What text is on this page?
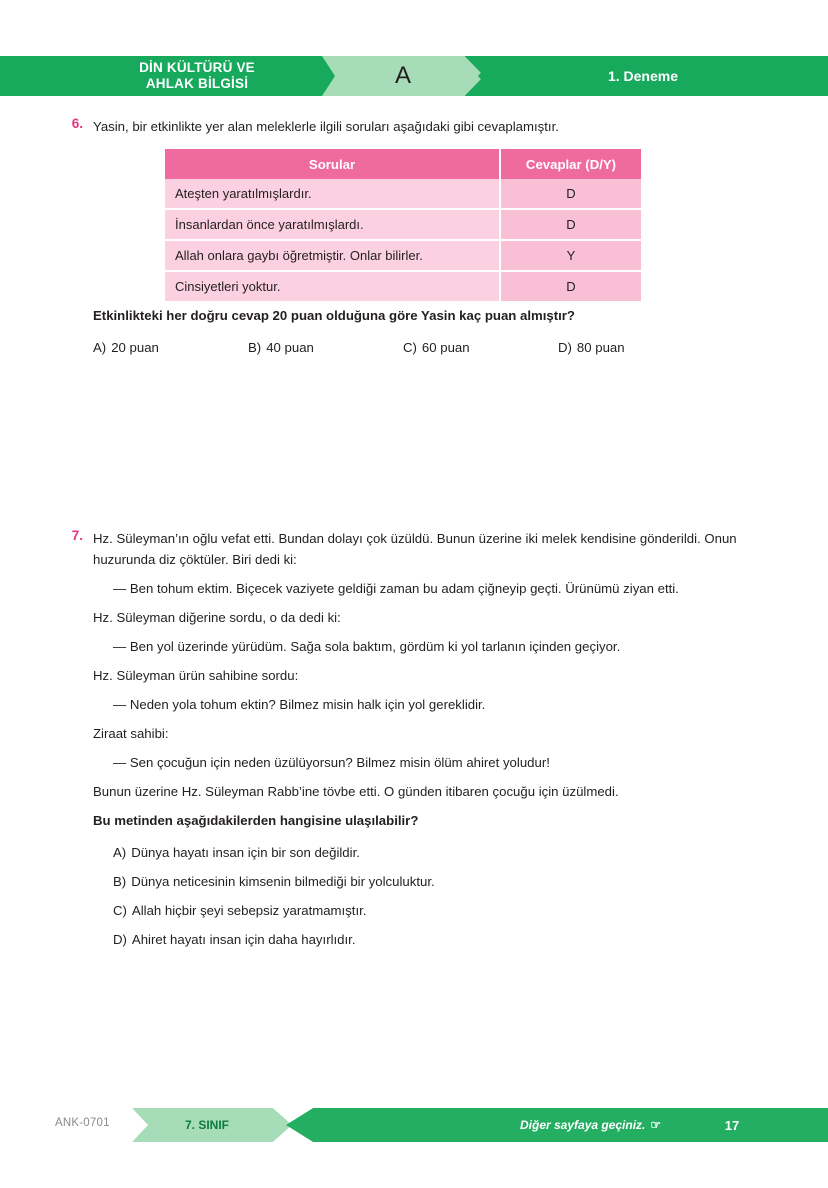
DİN KÜLTÜRÜ VE
AHLAK BİLGİSİ	A	1. Deneme
6. Yasin, bir etkinlikte yer alan meleklerle ilgili soruları aşağıdaki gibi cevaplamıştır.
Sorular	Cevaplar (D/Y)
Ateşten yaratılmışlardır.	D
İnsanlardan önce yaratılmışlardı.	D
Allah onlara gaybı öğretmiştir. Onlar bilirler.	Y
Cinsiyetleri yoktur.	D
Etkinlikteki her doğru cevap 20 puan olduğuna göre Yasin kaç puan almıştır?
A) 20 puan	B) 40 puan	C) 60 puan	D) 80 puan
7. Hz. Süleyman’ın oğlu vefat etti. Bundan dolayı çok üzüldü. Bunun üzerine iki melek kendisine gönderildi. Onun huzurunda diz çöktüler. Biri dedi ki:
— Ben tohum ektim. Biçecek vaziyete geldiği zaman bu adam çiğneyip geçti. Ürünümü ziyan etti.
Hz. Süleyman diğerine sordu, o da dedi ki:
— Ben yol üzerinde yürüdüm. Sağa sola baktım, gördüm ki yol tarlanın içinden geçiyor.
Hz. Süleyman ürün sahibine sordu:
— Neden yola tohum ektin? Bilmez misin halk için yol gereklidir.
Ziraat sahibi:
— Sen çocuğun için neden üzülüyorsun? Bilmez misin ölüm ahiret yoludur!
Bunun üzerine Hz. Süleyman Rabb’ine tövbe etti. O günden itibaren çocuğu için üzülmedi.
Bu metinden aşağıdakilerden hangisine ulaşılabilir?
A) Dünya hayatı insan için bir son değildir.
B) Dünya neticesinin kimsenin bilmediği bir yolculuktur.
C) Allah hiçbir şeyi sebepsiz yaratmamıştır.
D) Ahiret hayatı insan için daha hayırlıdır.
ANK-0701	7. SINIF	Diğer sayfaya geçiniz. ☞	17
